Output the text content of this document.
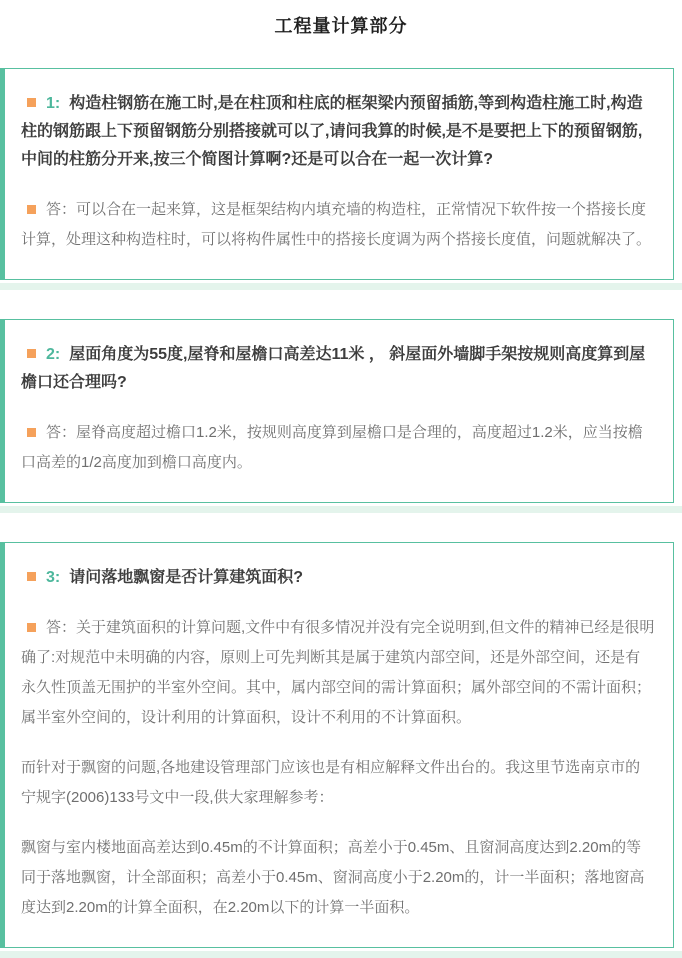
工程量计算部分

1: 构造柱钢筋在施工时,是在柱顶和柱底的框架梁内预留插筋,等到构造柱施工时,构造柱的钢筋跟上下预留钢筋分别搭接就可以了,请问我算的时候,是不是要把上下的预留钢筋,中间的柱筋分开来,按三个简图计算啊?还是可以合在一起一次计算?

答：可以合在一起来算，这是框架结构内填充墙的构造柱，正常情况下软件按一个搭接长度计算，处理这种构造柱时，可以将构件属性中的搭接长度调为两个搭接长度值，问题就解决了。

2: 屋面角度为55度,屋脊和屋檐口高差达11米 ， 斜屋面外墙脚手架按规则高度算到屋檐口还合理吗?

答：屋脊高度超过檐口1.2米，按规则高度算到屋檐口是合理的，高度超过1.2米，应当按檐口高差的1/2高度加到檐口高度内。

3: 请问落地飘窗是否计算建筑面积?

答：关于建筑面积的计算问题,文件中有很多情况并没有完全说明到,但文件的精神已经是很明确了:对规范中未明确的内容，原则上可先判断其是属于建筑内部空间，还是外部空间，还是有永久性顶盖无围护的半室外空间。其中，属内部空间的需计算面积；属外部空间的不需计面积；属半室外空间的，设计利用的计算面积，设计不利用的不计算面积。

而针对于飘窗的问题,各地建设管理部门应该也是有相应解释文件出台的。我这里节选南京市的宁规字(2006)133号文中一段,供大家理解参考：

飘窗与室内楼地面高差达到0.45m的不计算面积；高差小于0.45m、且窗洞高度达到2.20m的等同于落地飘窗，计全部面积；高差小于0.45m、窗洞高度小于2.20m的，计一半面积；落地窗高度达到2.20m的计算全面积，在2.20m以下的计算一半面积。
